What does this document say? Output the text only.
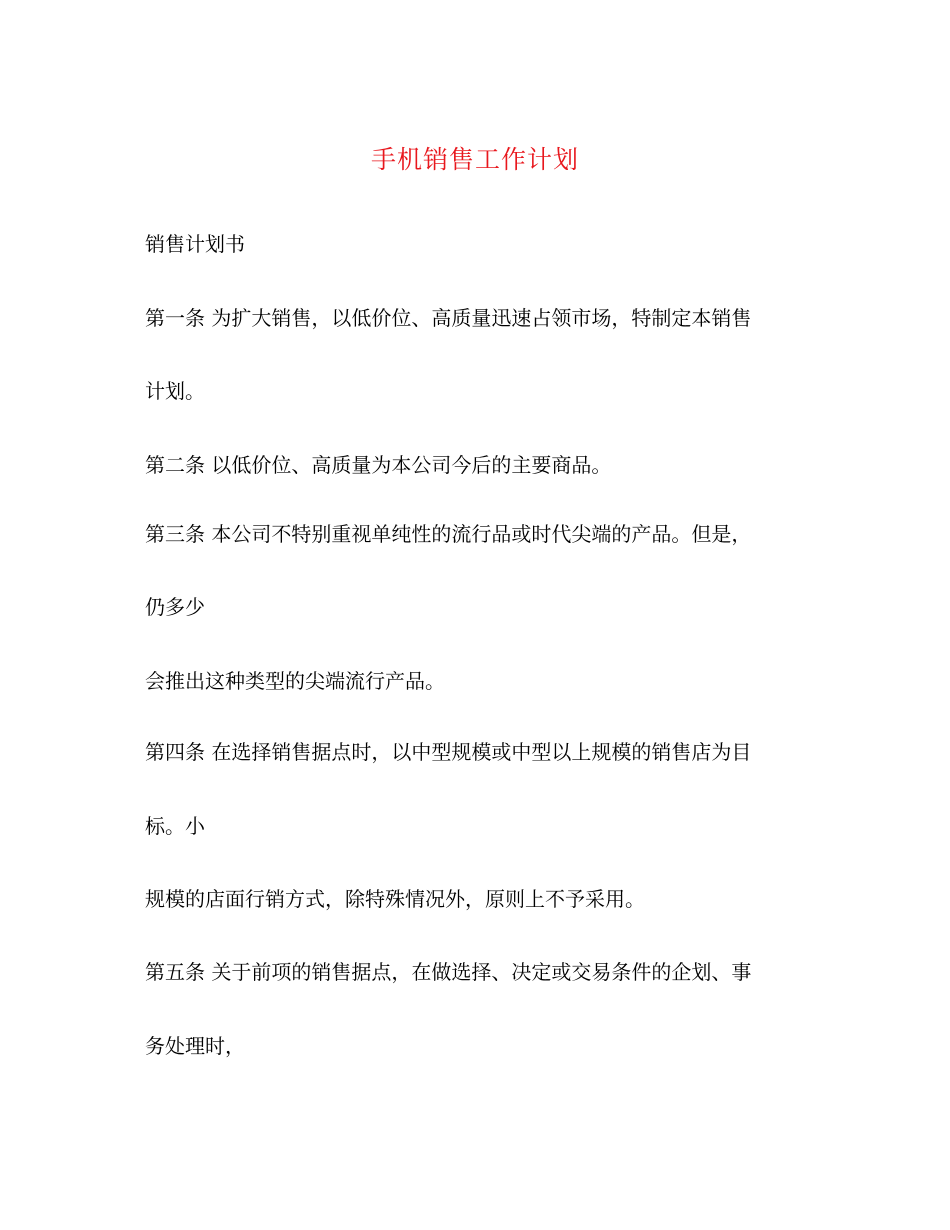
手机销售工作计划
销售计划书
第一条 为扩大销售，以低价位、高质量迅速占领市场，特制定本销售
计划。
第二条 以低价位、高质量为本公司今后的主要商品。
第三条 本公司不特别重视单纯性的流行品或时代尖端的产品。但是，
仍多少
会推出这种类型的尖端流行产品。
第四条 在选择销售据点时，以中型规模或中型以上规模的销售店为目
标。小
规模的店面行销方式，除特殊情况外，原则上不予采用。
第五条 关于前项的销售据点，在做选择、决定或交易条件的企划、事
务处理时，
